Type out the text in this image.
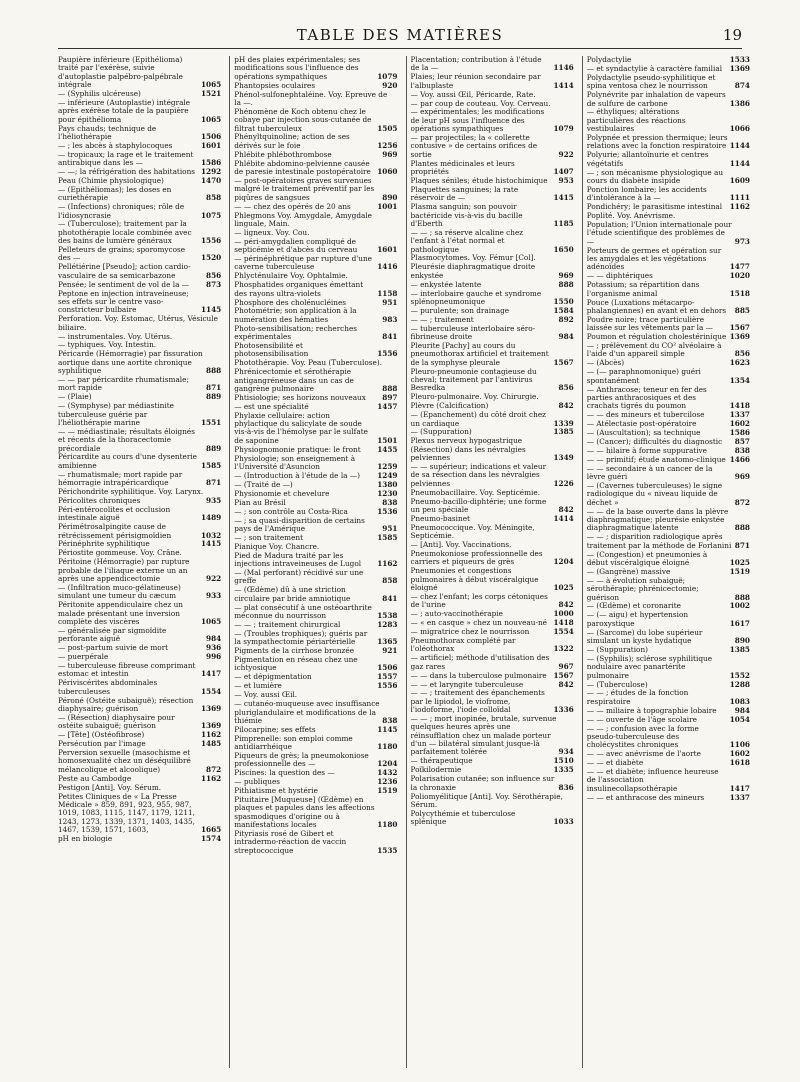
TABLE DES MATIÈRES	19
Paupière inférieure (Epithélioma) traité par l'exérèse, suivie d'autoplastie palpébro-palpébrale intégrale	1065
— (Syphilis ulcéreuse)	1521
— inférieure (Autoplastie) intégrale après exérèse totale de la paupière pour épithélioma	1065
Pays chauds; technique de l'héliothérapie	1506
— ; les abcès à staphylocoques	1601
— tropicaux; la rage et le traitement antirabique dans les —	1586
— —; la réfrigération des habitations 1292
Peau (Chimie physiologique)	1470
— (Epithéliomas); les doses en curiethérapie	858
— (Infections) chroniques; rôle de l'idiosyncrasie	1075
— (Tuberculose); traitement par la photothérapie locale combinée avec des bains de lumière généraux	1556
Pelleteurs de grains; sporomycose des —	1520
Pellétiérine [Pseudo]; action cardio-vasculaire de sa semicarbazone	856
Pensée; le sentiment de vol de la —	873
Peptone en injection intraveineuse; ses effets sur le centre vaso-constricteur bulbaire	1145
Perforation. Voy. Estomac, Utérus, Vésicule biliaire.
— instrumentales. Voy. Utérus.
— typhiques. Voy. Intestin.
Péricarde (Hémorragie) par fissuration aortique dans une aortite chronique syphilitique	888
— — par péricardite rhumatismale; mort rapide	871
— (Plaie)	889
— (Symphyse) par médiastinite tuberculeuse guérie par l'héliothérapie marine	1551
— — médiastinale; résultats éloignés et récents de la thoracectomie précordiale	889
Péricardite au cours d'une dysenterie amibienne	1585
— rhumatismale; mort rapide par hémorragie intrapéricardique	871
Périchondrite syphilitique. Voy. Larynx.
Péricolites chroniques	935
Péri-entérocolites et occlusion intestinale aiguë	1489
Périmétrosalpingite cause de rétrécissement périsigmoïdien	1032
Périnéphrite syphilitique	1415
Périostite gommeuse. Voy. Crâne.
Péritoine (Hémorragie) par rupture probable de l'iliaque externe un an après une appendicectomie	922
— (Infiltration muco-gélatineuse) simulant une tumeur du cæcum	933
Péritonite appendiculaire chez un malade présentant une inversion complète des viscères	1065
— généralisée par sigmoïdite perforante aiguë	984
— post-partum suivie de mort	936
— puerpérale	996
— tuberculeuse fibreuse comprimant estomac et intestin	1417
Périviscérites abdominales tuberculeuses	1554
Péroné (Ostéite subaiguë); résection diaphysaire; guérison	1369
— (Résection) diaphysaire pour ostéite subaiguë; guérison	1369
— [Tête] (Ostéofibrose)	1162
Persécution par l'image	1485
Perversion sexuelle (masochisme et homosexualité chez un déséquilibré mélancolique et alcoolique)	872
Peste au Cambodge	1162
Pestigon [Anti]. Voy. Sérum.
Petites Cliniques de « La Presse Médicale » 859, 891, 923, 955, 987, 1019, 1083, 1115, 1147, 1179, 1211, 1243, 1273, 1339, 1371, 1403, 1435, 1467, 1539, 1571, 1603,	1665
pH en biologie	1574
pH des plaies expérimentales; ses modifications sous l'influence des opérations sympathiques	1079
Phantopsies oculaires	920
Phénol-sulfonephtaléine. Voy. Epreuve de la —.
Phénomène de Koch obtenu chez le cobaye par injection sous-cutanée de filtrat tuberculeux	1505
Phényltquinoline; action de ses dérivés sur le foie	1256
Phlébite phlébothrombose	969
Phlébite abdomino-pelvienne causée de paresie intestinale postopératoire 1060
— post-opératoires graves survenues malgré le traitement préventif par les piqûres de sangsues	890
— — chez des opérés de 20 ans	1001
Phlegmons Voy. Amygdale, Amygdale linguale, Main.
— ligneux. Voy. Cou.
— péri-amygdalien compliqué de septicémie et d'abcès du cerveau	1601
— périnéphrétique par rupture d'une caverne tuberculeuse	1416
Phlycténulaire Voy. Ophtalmie.
Phosphatides organiques émettant des rayons ultra-violets	1158
Phosphore des cholénucléines	951
Photométrie; son application à la numération des hématies	983
Photo-sensibilisation; recherches expérimentales	841
Photosensibilité et photosensibilisation	1556
Photothérapie. Voy. Peau (Tuberculose).
Phrénicectomie et sérothérapie antigangréneuse dans un cas de gangrène pulmonaire	888
Phtisiologie; ses horizons nouveaux	897
— est une spécialité	1457
Phylaxie cellulaire: action phylactique du salicylate de soude vis-à-vis de l'hémolyse par le sulfate de saponine	1501
Physiognomonie pratique: le front	1455
Physiologie; son enseignement à l'Université d'Asuncion	1259
— (Introduction à l'étude de la —)	1249
— (Traité de —)	1380
Physionomie et chevelure	1230
Pian au Brésil	838
— ; son contrôle au Costa-Rica	1536
— ; sa quasi-disparition de certains pays de l'Amérique	951
— ; son traitement	1585
Pianique Voy. Chancre.
Pied de Madura traité par les injections intraveineuses de Lugol	1162
— (Mal perforant) récidivé sur une greffe	858
— (Œdème) dû à une striction circulaire par bride amniotique	841
— plat consécutif à une ostéoarthrite méconnue du nourrisson	1538
— — ; traitement chirurgical	1283
— (Troubles trophiques); guéris par la sympathectomie périartérielle	1365
Pigments de la cirrhose bronzée	921
Pigmentation en réseau chez une ichtyosique	1506
— et dépigmentation	1557
— et lumière	1556
— Voy. aussi Œil.
— cutanéo-muqueuse avec insuffisance pluriglandulaire et modifications de la thiémie	838
Pilocarpine; ses effets	1145
Pimprenelle: son emploi comme antidiarrhéique	1180
Piqueurs de grès; la pneumokoniose professionnelle des —	1204
Piscines: la question des —	1432
— publiques	1236
Pithiatisme et hystérie	1519
Pituitaire [Muqueuse] (Œdème) en plaques et papules dans les affections spasmodiques d'origine ou à manifestations locales	1180
Pityriasis rosé de Gibert et intradermo-réaction de vaccin streptococcique	1535
Placentation; contribution à l'étude de la —	1146
Plaies; leur réunion secondaire par l'albuplaste	1414
— Voy. aussi Œil, Péricarde, Rate.
— par coup de couteau. Voy. Cerveau.
— expérimentales; les modifications de leur pH sous l'influence des opérations sympathiques	1079
— par projectiles; la « collerette contusive » de certains orifices de sortie	922
Plantes médicinales et leurs propriétés	1407
Plaques séniles; étude histochimique	953
Plaquettes sanguines; la rate réservoir de —	1415
Plasma sanguin; son pouvoir bactéricide vis-à-vis du bacille d'Eberth	1185
— — ; sa réserve alcaline chez l'enfant à l'état normal et pathologique	1650
Plasmocytomes. Voy. Fémur [Col].
Pleurésie diaphragmatique droite enkystée	969
— enkystée latente	888
— interlobaire gauche et syndrome splénopneumonique	1550
— purulente; son drainage	1584
— — ; traitement	892
— tuberculeuse interlobaire séro-fibrineuse droite	984
Pleurite [Pachy] au cours du pneumothorax artificiel et traitement de la symphyse pleurale	1567
Pleuro-pneumonie contagieuse du cheval; traitement par l'antivirus Besredka	856
Pleuro-pulmonaire. Voy. Chirurgie.
Plèvre (Calcification)	842
— (Epanchement) du côté droit chez un cardiaque	1339
— (Suppuration)	1385
Plexus nerveux hypogastrique (Résection) dans les névralgies pelviennes	1349
— — supérieur; indications et valeur de sa résection dans les névralgies pelviennes	1226
Pneumobacillaire. Voy. Septicémie.
Pneumo-bacillo-diphtérie; une forme un peu spéciale	842
Pneumo-basinet	1414
Pneumococcique. Voy. Méningite, Septicémie.
— [Anti]. Voy. Vaccinations.
Pneumokoniose professionnelle des carriers et piqueurs de grès	1204
Pneumonies et congestions pulmonaires à début viscéralgique éloigné	1025
— chez l'enfant; les corps cétoniques de l'urine	842
— ; auto-vaccinothérapie	1000
— « en casque » chez un nouveau-né 1418
— migratrice chez le nourrisson	1554
Pneumothorax complété par l'oléothorax	1322
— artificiel; méthode d'utilisation des gaz rares	967
— — dans la tuberculose pulmonaire 1567
— — et laryngite tuberculeuse	842
— — ; traitement des épanchements par le lipiodol, le viofrome, l'iodoforme, l'iode colloïdal	1336
— — ; mort inopinée, brutale, survenue quelques heures après une réinsufflation chez un malade porteur d'un — bilatéral simulant jusque-là parfaitement tolérée	934
— thérapeutique	1510
Poïkilodermie	1335
Polarisation cutanée; son influence sur la chronaxie	836
Poliomyélitique [Anti]. Voy. Sérothérapie, Sérum.
Polycythémie et tuberculose splénique	1033
Polydactylie	1533
— et syndactylie à caractère familial	1369
Polydactylie pseudo-syphilitique et spina ventosa chez le nourrisson	874
Polynévrite par inhalation de vapeurs de sulfure de carbone	1386
— éthyliques; altérations particulières des réactions vestibulaires	1066
Polypnée et pression thermique; leurs relations avec la fonction respiratoire 1144
Polyurie; allantoïnurie et centres végétatifs	1144
— ; son mécanisme physiologique au cours du diabète insipide	1609
Ponction lombaire; les accidents d'intolérance à la —	1111
Pondichéry; le parasitisme intestinal	1162
Poplité. Voy. Anévrisme.
Population; l'Union internationale pour l'étude scientifique des problèmes de —	973
Porteurs de germes et opération sur les amygdales et les végétations adénoïdes	1477
— — diphtériques	1020
Potassium; sa répartition dans l'organisme animal	1518
Pouce (Luxations métacarpo-phalangiennes) en avant et en dehors	885
Poudre noire; trace particulière laissée sur les vêtements par la —	1567
Poumon et régulation cholestérinique 1369
— ; prélèvement du CO² alvéolaire à l'aide d'un appareil simple	856
— (Abcès)	1623
— (— paraphnomonique) guéri spontanément	1354
— Anthracose; teneur en fer des parties anthracosiques et des crachats tigrés du poumon	1418
— — des mineurs et tubercilose	1337
— Atélectasie post-opératoire	1602
— (Auscultation); sa technique	1586
— (Cancer); difficultés du diagnostic	857
— — hilaire à forme suppurative	838
— — primitif; étude anatomo-clinique 1466
— — secondaire à un cancer de la lèvre guéri	969
— (Cavernes tuberculeuses) le signe radiologique du « niveau liquide de déchet »	872
— — de la base ouverte dans la plèvre diaphragmatique; pleurésie enkystée diaphragmatique latente	888
— — ; disparition radiologique après traitement par la méthode de Forlanini 871
— (Congestion) et pneumonies à début viscéralgique éloigné	1025
— (Gangrène) massive	1519
— — à évolution subaiguë; sérothérapie; phrénicectomie; guérison	888
— (Œdème) et coronarite	1002
— (— aigu) et hypertension paroxystique	1617
— (Sarcome) du lobe supérieur simulant un kyste hydatique	890
— (Suppuration)	1385
— (Syphilis); sclérose syphilitique nodulaire avec panartérite pulmonaire	1552
— (Tuberculose)	1288
— — ; études de la fonction respiratoire	1083
— — miliaire à topographie lobaire	984
— — ouverte de l'âge scolaire	1054
— — ; confusion avec la forme pseudo-tuberculeuse des cholécystites chroniques	1106
— — avec anévrisme de l'aorte	1602
— — et diabète	1618
— — et diabète; influence heureuse de l'association insulinecollapsothérapie	1417
— — et anthracose des mineurs	1337
